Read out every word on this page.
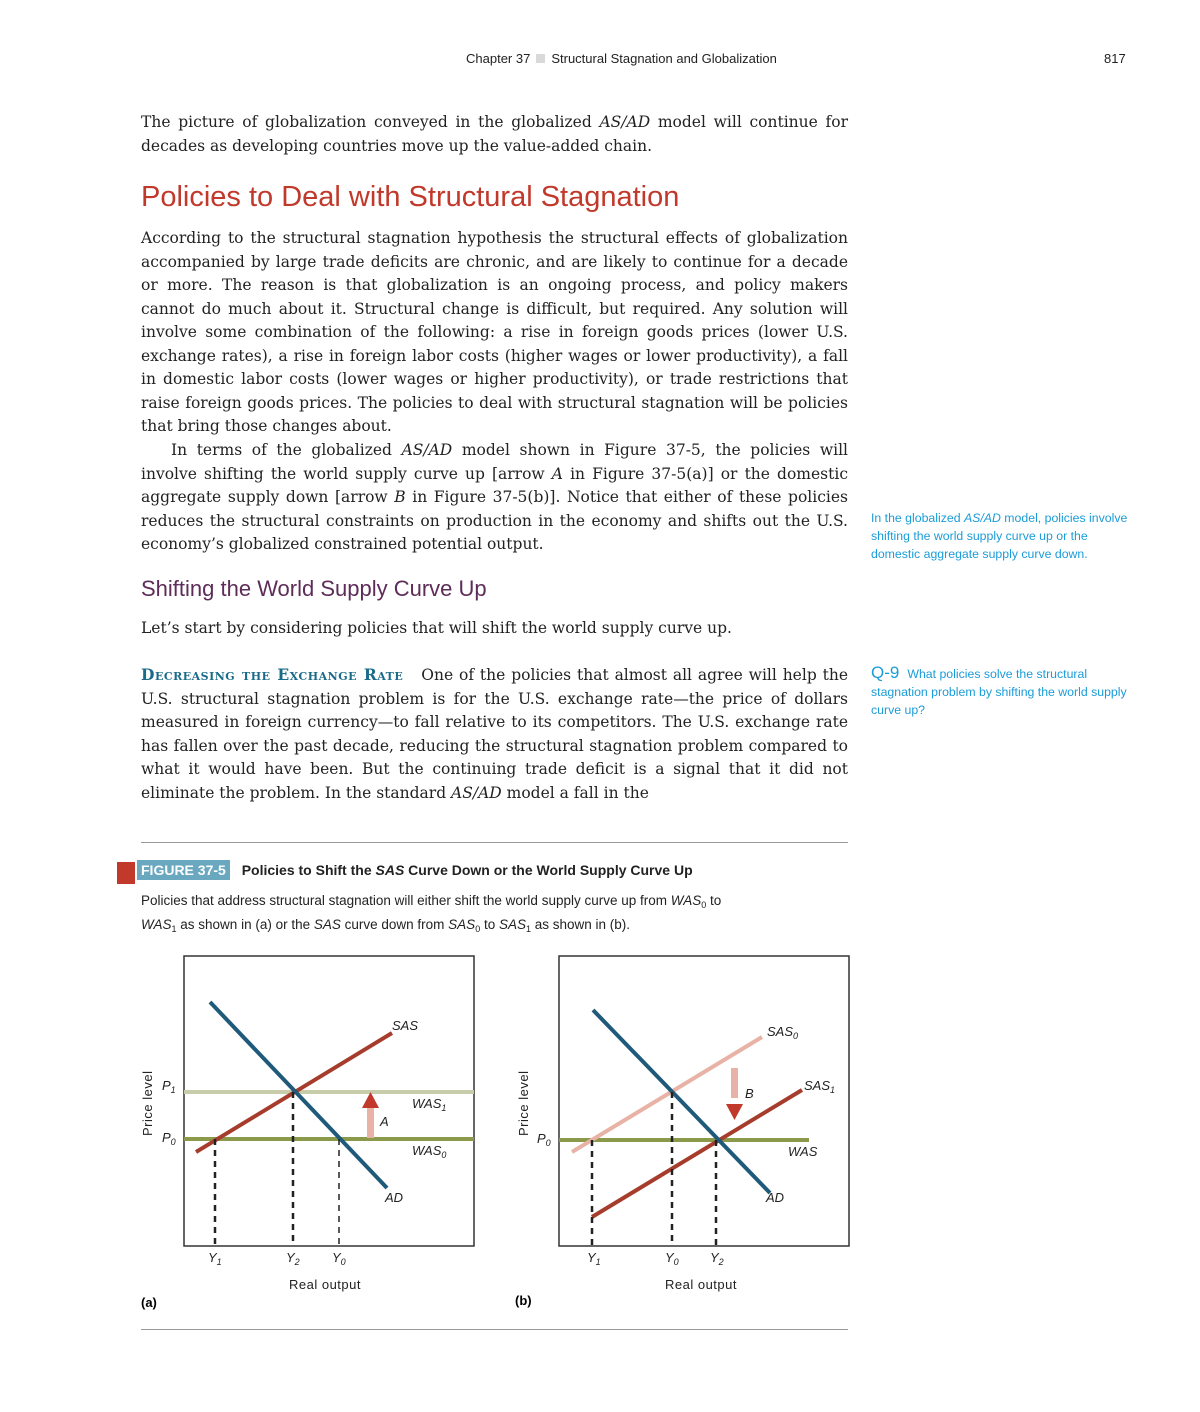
Chapter 37 Structural Stagnation and Globalization	817
The picture of globalization conveyed in the globalized AS/AD model will continue for decades as developing countries move up the value-added chain.
Policies to Deal with Structural Stagnation
According to the structural stagnation hypothesis the structural effects of globalization accompanied by large trade deficits are chronic, and are likely to continue for a decade or more. The reason is that globalization is an ongoing process, and policy makers cannot do much about it. Structural change is difficult, but required. Any solution will involve some combination of the following: a rise in foreign goods prices (lower U.S. exchange rates), a rise in foreign labor costs (higher wages or lower productivity), a fall in domestic labor costs (lower wages or higher productivity), or trade restrictions that raise foreign goods prices. The policies to deal with structural stagnation will be policies that bring those changes about.
In terms of the globalized AS/AD model shown in Figure 37-5, the policies will involve shifting the world supply curve up [arrow A in Figure 37-5(a)] or the domestic aggregate supply down [arrow B in Figure 37-5(b)]. Notice that either of these policies reduces the structural constraints on production in the economy and shifts out the U.S. economy’s globalized constrained potential output.
In the globalized AS/AD model, policies involve shifting the world supply curve up or the domestic aggregate supply curve down.
Shifting the World Supply Curve Up
Let’s start by considering policies that will shift the world supply curve up.
Decreasing the Exchange Rate One of the policies that almost all agree will help the U.S. structural stagnation problem is for the U.S. exchange rate—the price of dollars measured in foreign currency—to fall relative to its competitors. The U.S. exchange rate has fallen over the past decade, reducing the structural stagnation problem compared to what it would have been. But the continuing trade deficit is a signal that it did not eliminate the problem. In the standard AS/AD model a fall in the
Q-9 What policies solve the structural stagnation problem by shifting the world supply curve up?
FIGURE 37-5 Policies to Shift the SAS Curve Down or the World Supply Curve Up
Policies that address structural stagnation will either shift the world supply curve up from $WAS_0$ to
$WAS_1$ as shown in (a) or the SAS curve down from $SAS_0$ to $SAS_1$ as shown in (b).
A
SAS
$WAS_1$
$WAS_0$
AD
$P_1$
$P_0$
$Y_1$	$Y_2$ $Y_0$
Real output
Price level
(a)
B
$SAS_0$
$SAS_1$
WAS
AD
$P_0$
$Y_1$	$Y_0$ $Y_2$
Real output
Price level
(b)
